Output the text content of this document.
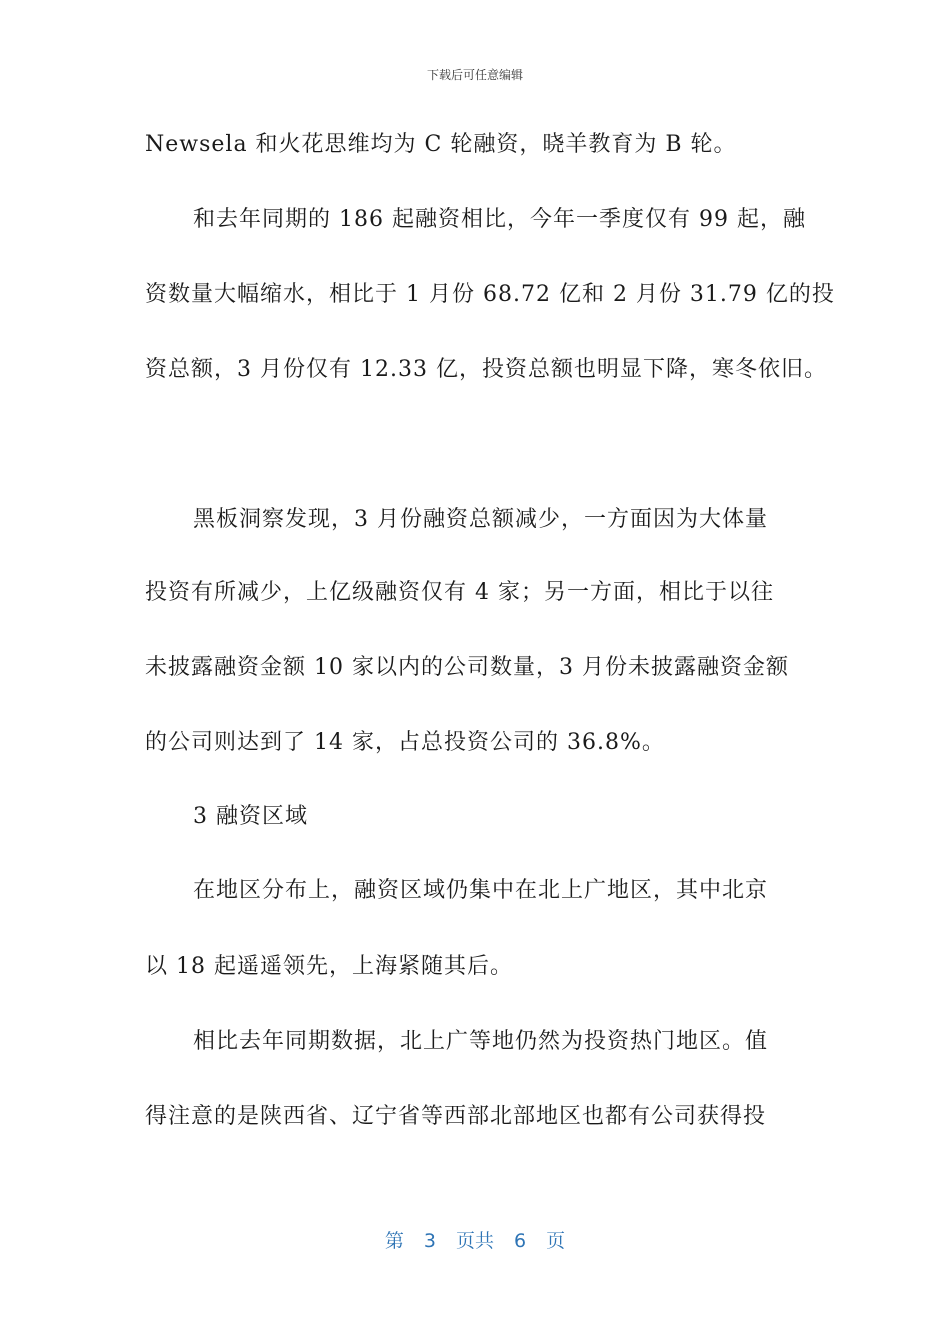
下载后可任意编辑
Newsela 和火花思维均为 C 轮融资，晓羊教育为 B 轮。
和去年同期的 186 起融资相比，今年一季度仅有 99 起，融
资数量大幅缩水，相比于 1 月份 68.72 亿和 2 月份 31.79 亿的投
资总额，3 月份仅有 12.33 亿，投资总额也明显下降，寒冬依旧。
黑板洞察发现，3 月份融资总额减少，一方面因为大体量
投资有所减少，上亿级融资仅有 4 家；另一方面，相比于以往
未披露融资金额 10 家以内的公司数量，3 月份未披露融资金额
的公司则达到了 14 家，占总投资公司的 36.8%。
3 融资区域
在地区分布上，融资区域仍集中在北上广地区，其中北京
以 18 起遥遥领先，上海紧随其后。
相比去年同期数据，北上广等地仍然为投资热门地区。值
得注意的是陕西省、辽宁省等西部北部地区也都有公司获得投
第 3 页共 6 页
